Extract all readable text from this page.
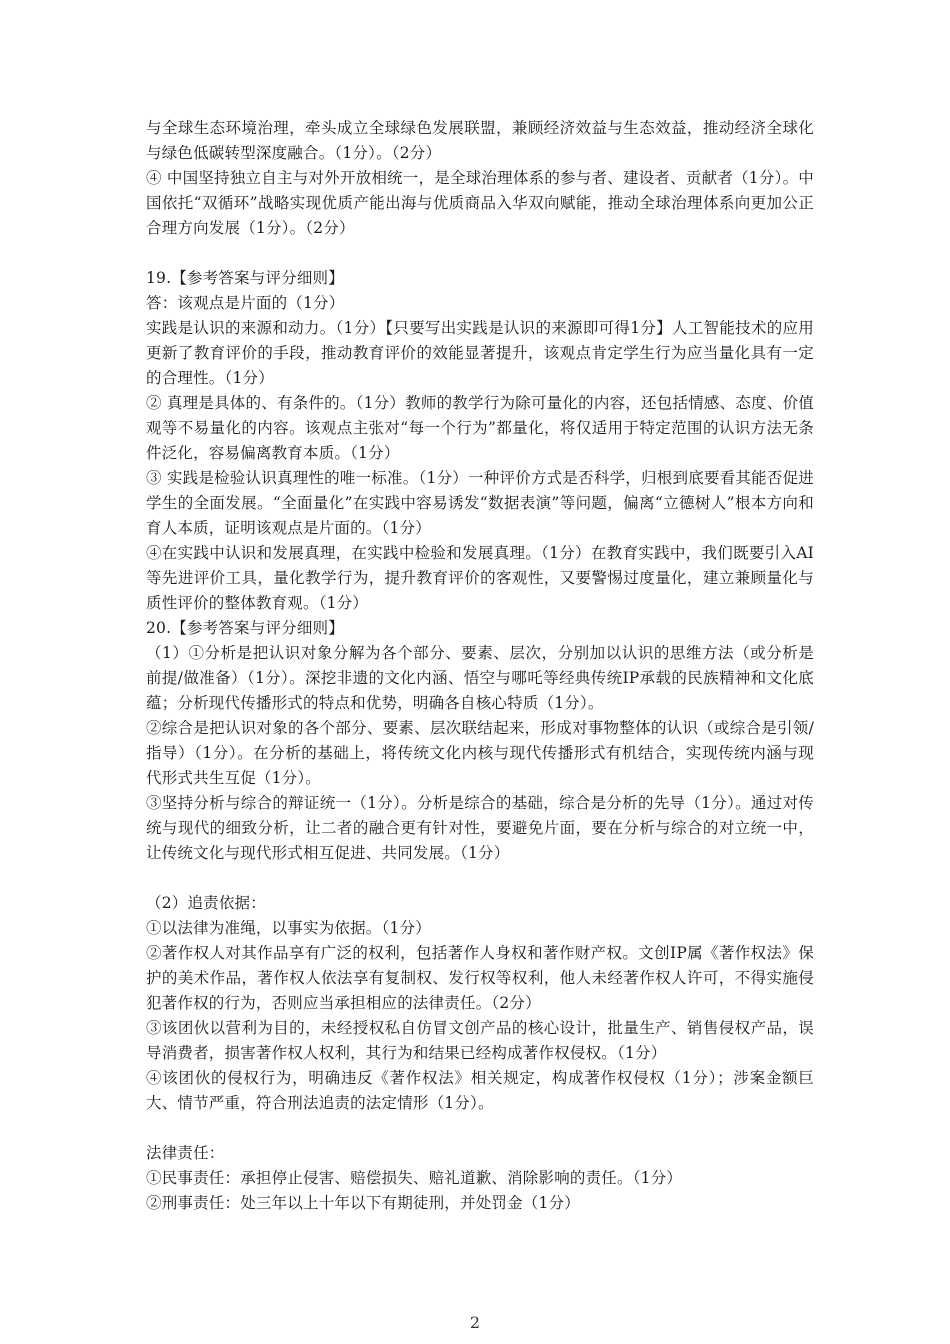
与全球生态环境治理，牵头成立全球绿色发展联盟，兼顾经济效益与生态效益，推动经济全球化与绿色低碳转型深度融合。（1分）。（2分）

④ 中国坚持独立自主与对外开放相统一，是全球治理体系的参与者、建设者、贡献者（1分）。中国依托“双循环”战略实现优质产能出海与优质商品入华双向赋能，推动全球治理体系向更加公正合理方向发展（1分）。（2分）

19.【参考答案与评分细则】

答：该观点是片面的（1分）

实践是认识的来源和动力。（1分）【只要写出实践是认识的来源即可得1分】人工智能技术的应用更新了教育评价的手段，推动教育评价的效能显著提升，该观点肯定学生行为应当量化具有一定的合理性。（1分）

② 真理是具体的、有条件的。（1分）教师的教学行为除可量化的内容，还包括情感、态度、价值观等不易量化的内容。该观点主张对“每一个行为”都量化，将仅适用于特定范围的认识方法无条件泛化，容易偏离教育本质。（1分）

③ 实践是检验认识真理性的唯一标准。（1分）一种评价方式是否科学，归根到底要看其能否促进学生的全面发展。“全面量化”在实践中容易诱发“数据表演”等问题，偏离“立德树人”根本方向和育人本质，证明该观点是片面的。（1分）

④在实践中认识和发展真理，在实践中检验和发展真理。（1分）在教育实践中，我们既要引入AI等先进评价工具，量化教学行为，提升教育评价的客观性，又要警惕过度量化，建立兼顾量化与质性评价的整体教育观。（1分）

20.【参考答案与评分细则】

（1）①分析是把认识对象分解为各个部分、要素、层次，分别加以认识的思维方法（或分析是前提/做准备）（1分）。深挖非遗的文化内涵、悟空与哪吒等经典传统IP承载的民族精神和文化底蕴；分析现代传播形式的特点和优势，明确各自核心特质（1分）。

②综合是把认识对象的各个部分、要素、层次联结起来，形成对事物整体的认识（或综合是引领/指导）（1分）。在分析的基础上，将传统文化内核与现代传播形式有机结合，实现传统内涵与现代形式共生互促（1分）。

③坚持分析与综合的辩证统一（1分）。分析是综合的基础，综合是分析的先导（1分）。通过对传统与现代的细致分析，让二者的融合更有针对性，要避免片面，要在分析与综合的对立统一中，让传统文化与现代形式相互促进、共同发展。（1分）

（2）追责依据：

①以法律为准绳，以事实为依据。（1分）

②著作权人对其作品享有广泛的权利，包括著作人身权和著作财产权。文创IP属《著作权法》保护的美术作品，著作权人依法享有复制权、发行权等权利，他人未经著作权人许可，不得实施侵犯著作权的行为，否则应当承担相应的法律责任。（2分）

③该团伙以营利为目的，未经授权私自仿冒文创产品的核心设计，批量生产、销售侵权产品，误导消费者，损害著作权人权利，其行为和结果已经构成著作权侵权。（1分）

④该团伙的侵权行为，明确违反《著作权法》相关规定，构成著作权侵权（1分）；涉案金额巨大、情节严重，符合刑法追责的法定情形（1分）。

法律责任：

①民事责任：承担停止侵害、赔偿损失、赔礼道歉、消除影响的责任。（1分）

②刑事责任：处三年以上十年以下有期徒刑，并处罚金（1分）

2
